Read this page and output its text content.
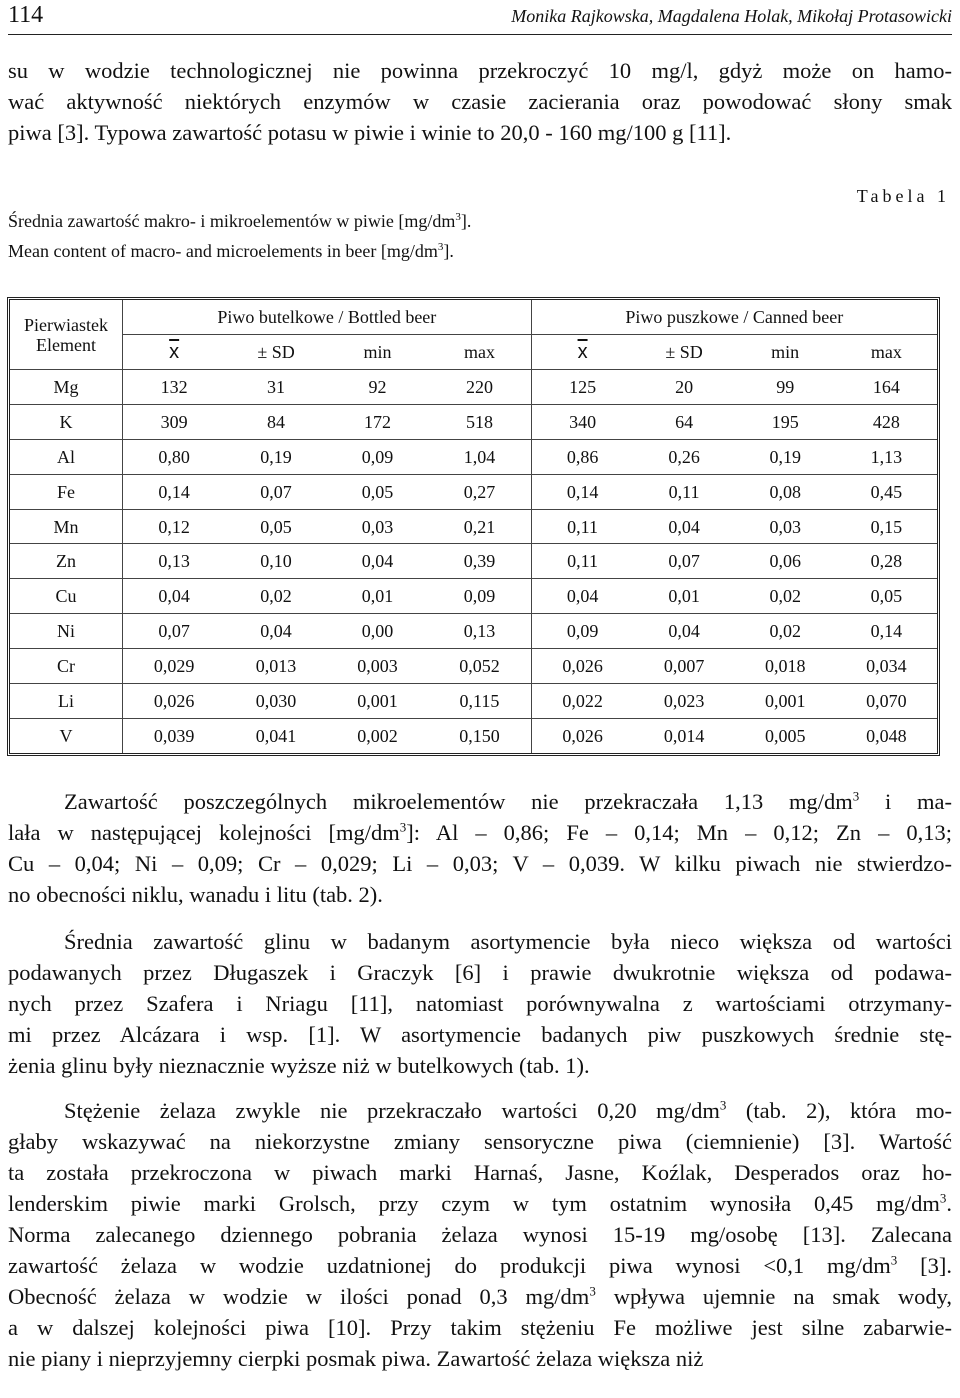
114	Monika Rajkowska, Magdalena Holak, Mikołaj Protasowicki
su w wodzie technologicznej nie powinna przekroczyć 10 mg/l, gdyż może on hamo-
wać aktywność niektórych enzymów w czasie zacierania oraz powodować słony smak
piwa [3]. Typowa zawartość potasu w piwie i winie to 20,0 - 160 mg/100 g [11].
Tabela 1
Średnia zawartość makro- i mikroelementów w piwie $[mg/dm^3]$.
Mean content of macro- and microelements in beer $[mg/dm^3]$.
Pierwiastek	Piwo butelkowe / Bottled beer				Piwo puszkowe / Canned beer			
Element	$\overline{x}$	± SD	min	max	$\overline{x}$	± SD	min	max
Mg	132	31	92	220	125	20	99	164
K	309	84	172	518	340	64	195	428
Al	0,80	0,19	0,09	1,04	0,86	0,26	0,19	1,13
Fe	0,14	0,07	0,05	0,27	0,14	0,11	0,08	0,45
Mn	0,12	0,05	0,03	0,21	0,11	0,04	0,03	0,15
Zn	0,13	0,10	0,04	0,39	0,11	0,07	0,06	0,28
Cu	0,04	0,02	0,01	0,09	0,04	0,01	0,02	0,05
Ni	0,07	0,04	0,00	0,13	0,09	0,04	0,02	0,14
Cr	0,029	0,013	0,003	0,052	0,026	0,007	0,018	0,034
Li	0,026	0,030	0,001	0,115	0,022	0,023	0,001	0,070
V	0,039	0,041	0,002	0,150	0,026	0,014	0,005	0,048
Zawartość poszczególnych mikroelementów nie przekraczała 1,13 $mg/dm^3$ i ma-
lała w następującej kolejności $[mg/dm^3]$: Al – 0,86; Fe – 0,14; Mn – 0,12; Zn – 0,13;
Cu – 0,04; Ni – 0,09; Cr – 0,029; Li – 0,03; V – 0,039. W kilku piwach nie stwierdzo-
no obecności niklu, wanadu i litu (tab. 2).
Średnia zawartość glinu w badanym asortymencie była nieco większa od wartości
podawanych przez Długaszek i Graczyk [6] i prawie dwukrotnie większa od podawa-
nych przez Szafera i Nriagu [11], natomiast porównywalna z wartościami otrzymany-
mi przez Alcázara i wsp. [1]. W asortymencie badanych piw puszkowych średnie stę-
żenia glinu były nieznacznie wyższe niż w butelkowych (tab. 1).
Stężenie żelaza zwykle nie przekraczało wartości 0,20 $mg/dm^3$ (tab. 2), która mo-
głaby wskazywać na niekorzystne zmiany sensoryczne piwa (ciemnienie) [3]. Wartość
ta została przekroczona w piwach marki Harnaś, Jasne, Koźlak, Desperados oraz ho-
lenderskim piwie marki Grolsch, przy czym w tym ostatnim wynosiła 0,45 $mg/dm^3$.
Norma zalecanego dziennego pobrania żelaza wynosi 15-19 mg/osobę [13]. Zalecana
zawartość żelaza w wodzie uzdatnionej do produkcji piwa wynosi <0,1 $mg/dm^3$ [3].
Obecność żelaza w wodzie w ilości ponad 0,3 $mg/dm^3$ wpływa ujemnie na smak wody,
a w dalszej kolejności piwa [10]. Przy takim stężeniu Fe możliwe jest silne zabarwie-
nie piany i nieprzyjemny cierpki posmak piwa. Zawartość żelaza większa niż
